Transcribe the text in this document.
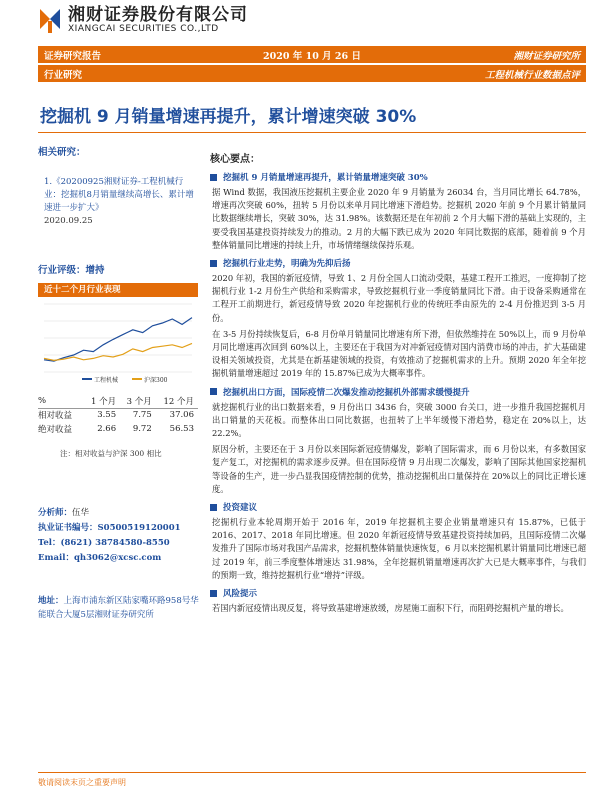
湘财证券股份有限公司
XIANGCAI SECURITIES CO.,LTD
证券研究报告	2020 年 10 月 26 日	湘财证券研究所
行业研究	工程机械行业数据点评
挖掘机 9 月销量增速再提升，累计增速突破 30%
相关研究：
1.《20200925湘财证券-工程机械行业：挖掘机8月销量继续高增长、累计增速进一步扩大》
2020.09.25
行业评级：增持
近十二个月行业表现
工程机械	沪深300
%	1 个月	3 个月	12 个月
相对收益	3.55	7.75	37.06
绝对收益	2.66	9.72	56.53
注：相对收益与沪深 300 相比
分析师：伍华
执业证书编号：S0500519120001
Tel：(8621) 38784580-8550
Email：qh3062@xcsc.com
地址：上海市浦东新区陆家嘴环路958号华能联合大厦5层湘财证券研究所
核心要点：
挖掘机 9 月销量增速再提升，累计销量增速突破 30%
据 Wind 数据，我国液压挖掘机主要企业 2020 年 9 月销量为 26034 台，当月同比增长 64.78%，增速再次突破 60%，扭转 5 月份以来单月同比增速下滑趋势。挖掘机 2020 年前 9 个月累计销量同比数据继续增长，突破 30%，达 31.98%。该数据还是在年初前 2 个月大幅下滑的基础上实现的，主要受我国基建投资持续发力的推动。2 月的大幅下跌已成为 2020 年同比数据的底部，随着前 9 个月整体销量同比增速的持续上升，市场情绪继续保持乐观。
挖掘机行业走势，明确为先抑后扬
2020 年初，我国的新冠疫情，导致 1、2 月份全国人口流动受限，基建工程开工推迟，一度抑制了挖掘机行业 1-2 月份生产供给和采购需求，导致挖掘机行业一季度销量同比下滑。由于设备采购通常在工程开工前期进行，新冠疫情导致 2020 年挖掘机行业的传统旺季由原先的 2-4 月份推迟到 3-5 月份。
在 3-5 月份持续恢复后，6-8 月份单月销量同比增速有所下滑，但依然维持在 50%以上，而 9 月份单月同比增速再次回到 60%以上，主要还在于我国为对冲新冠疫情对国内消费市场的冲击，扩大基础建设相关领域投资，尤其是在新基建领域的投资，有效推动了挖掘机需求的上升。预期 2020 年全年挖掘机销量增速超过 2019 年的 15.87%已成为大概率事件。
挖掘机出口方面，国际疫情二次爆发推动挖掘机外部需求缓慢提升
就挖掘机行业的出口数据来看，9 月份出口 3436 台，突破 3000 台关口，进一步推升我国挖掘机月出口销量的天花板。而整体出口同比数据，也扭转了上半年缓慢下滑趋势，稳定在 20%以上，达 22.2%。
原因分析，主要还在于 3 月份以来国际新冠疫情爆发，影响了国际需求，而 6 月份以来，有多数国家复产复工，对挖掘机的需求逐步反弹。但在国际疫情 9 月出现二次爆发，影响了国际其他国家挖掘机等设备的生产，进一步凸显我国疫情控制的优势，推动挖掘机出口量保持在 20%以上的同比正增长速度。
投资建议
挖掘机行业本轮周期开始于 2016 年，2019 年挖掘机主要企业销量增速只有 15.87%，已低于 2016、2017、2018 年同比增速。但 2020 年新冠疫情导致基建投资持续加码，且国际疫情二次爆发推升了国际市场对我国产品需求，挖掘机整体销量快速恢复，6 月以来挖掘机累计销量同比增速已超过 2019 年，前三季度整体增速达 31.98%，全年挖掘机销量增速再次扩大已是大概率事件，与我们的预期一致，维持挖掘机行业“增持”评级。
风险提示
若国内新冠疫情出现反复，将导致基建增速放缓，房屋施工面积下行，而阻碍挖掘机产量的增长。
敬请阅读末页之重要声明
